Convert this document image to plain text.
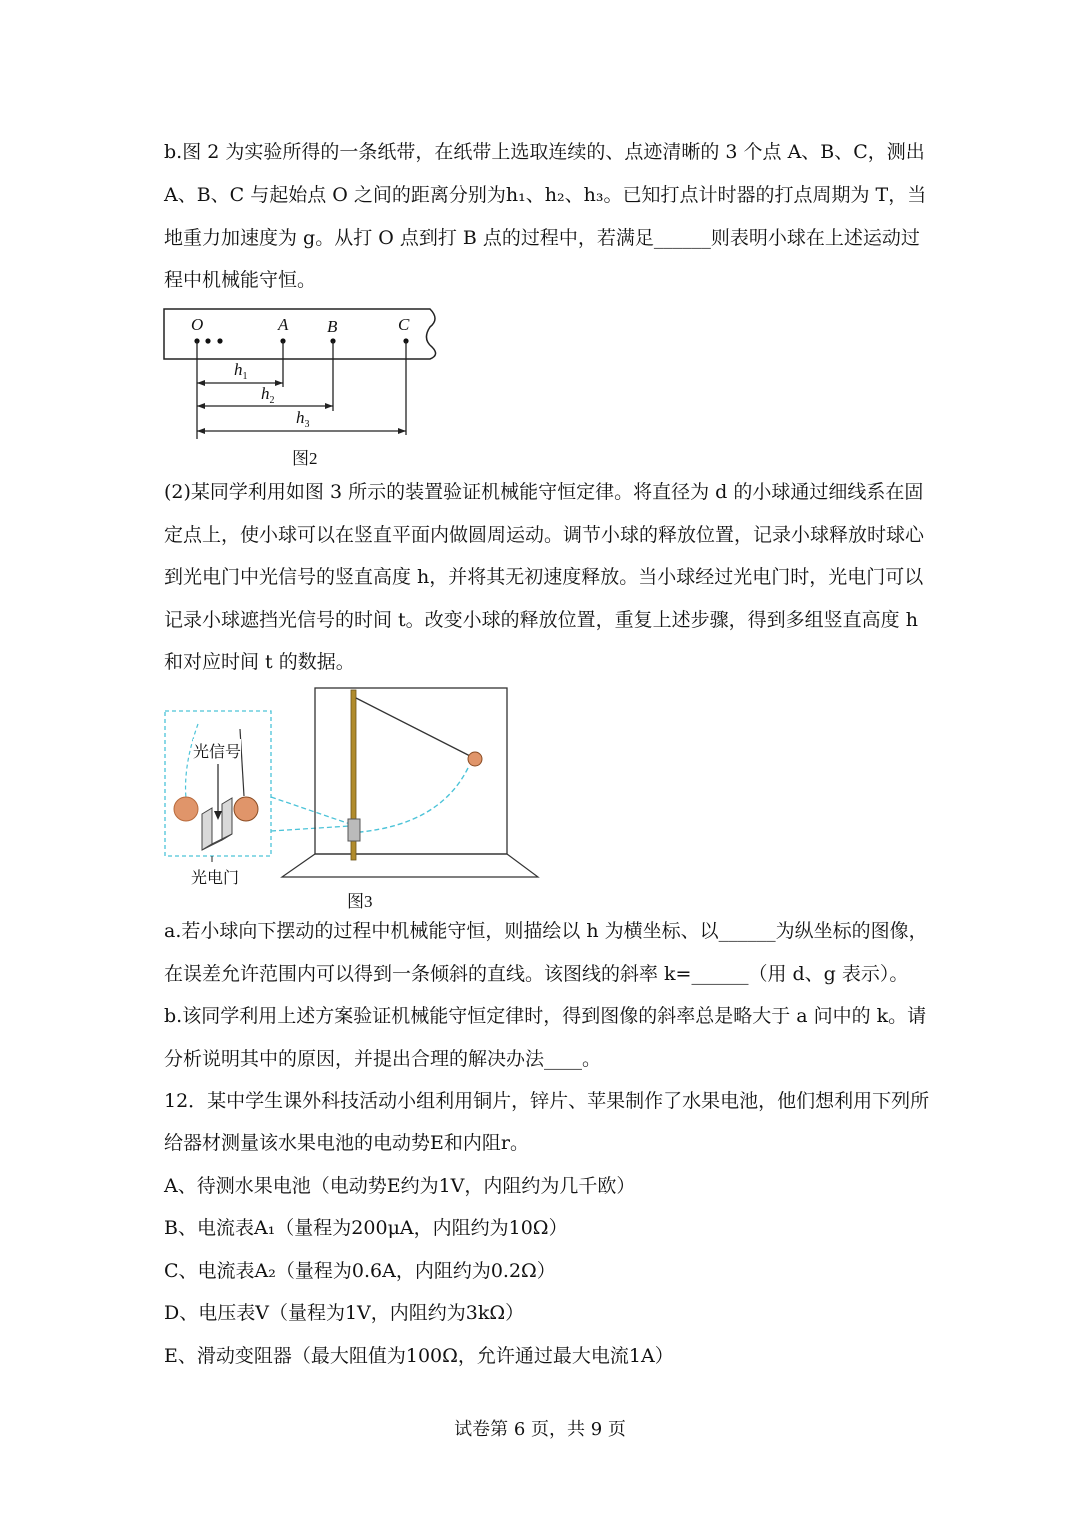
b.图 2 为实验所得的一条纸带，在纸带上选取连续的、点迹清晰的 3 个点 A、B、C，测出
A、B、C 与起始点 O 之间的距离分别为h₁、h₂、h₃。已知打点计时器的打点周期为 T，当
地重力加速度为 g。从打 O 点到打 B 点的过程中，若满足______则表明小球在上述运动过
程中机械能守恒。
O	A B	C
$h_1$
$h_2$
$h_3$
图2
(2)某同学利用如图 3 所示的装置验证机械能守恒定律。将直径为 d 的小球通过细线系在固
定点上，使小球可以在竖直平面内做圆周运动。调节小球的释放位置，记录小球释放时球心
到光电门中光信号的竖直高度 h，并将其无初速度释放。当小球经过光电门时，光电门可以
记录小球遮挡光信号的时间 t。改变小球的释放位置，重复上述步骤，得到多组竖直高度 h
和对应时间 t 的数据。
光信号
光电门
图3
a.若小球向下摆动的过程中机械能守恒，则描绘以 h 为横坐标、以______为纵坐标的图像，
在误差允许范围内可以得到一条倾斜的直线。该图线的斜率 k=______（用 d、g 表示）。
b.该同学利用上述方案验证机械能守恒定律时，得到图像的斜率总是略大于 a 问中的 k。请
分析说明其中的原因，并提出合理的解决办法____。
12．某中学生课外科技活动小组利用铜片，锌片、苹果制作了水果电池，他们想利用下列所
给器材测量该水果电池的电动势E和内阻r。
A、待测水果电池（电动势E约为1V，内阻约为几千欧）
B、电流表A₁（量程为200μA，内阻约为10Ω）
C、电流表A₂（量程为0.6A，内阻约为0.2Ω）
D、电压表V（量程为1V，内阻约为3kΩ）
E、滑动变阻器（最大阻值为100Ω，允许通过最大电流1A）
试卷第 6 页，共 9 页
